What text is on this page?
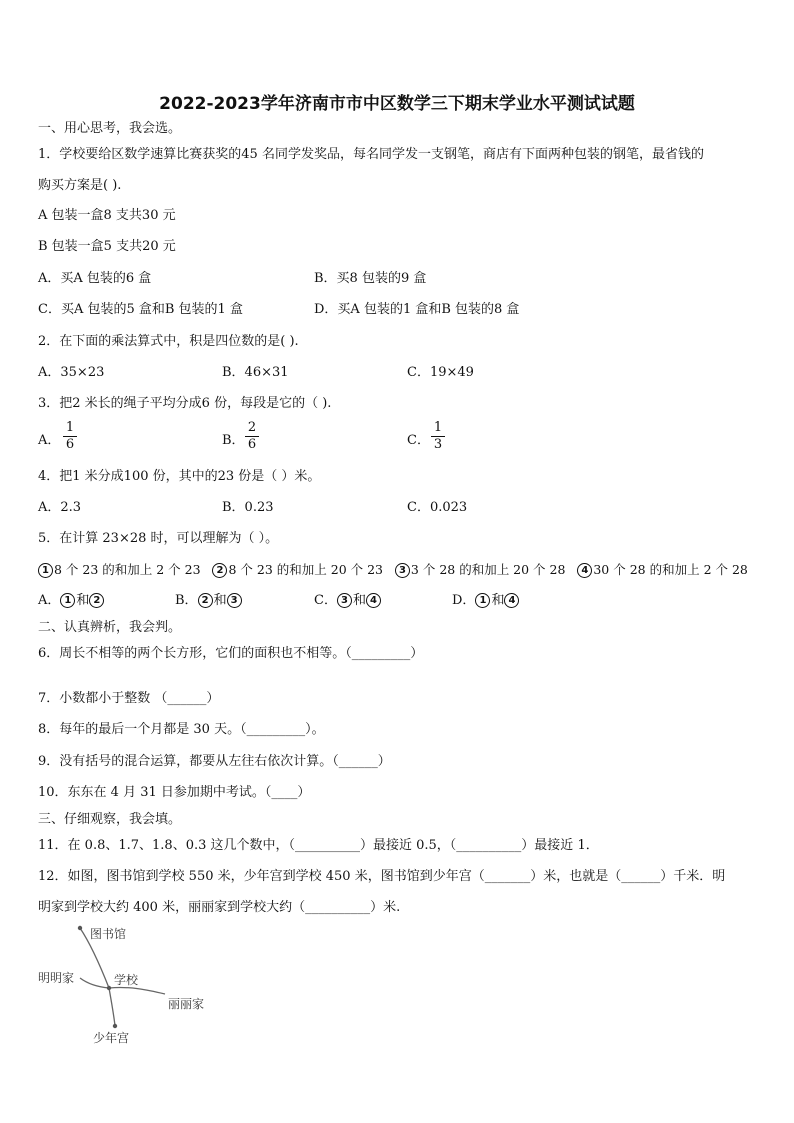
2022-2023学年济南市市中区数学三下期末学业水平测试试题
一、用心思考，我会选。
1．学校要给区数学速算比赛获奖的45 名同学发奖品，每名同学发一支钢笔，商店有下面两种包装的钢笔，最省钱的
购买方案是( ).
A 包装一盒8 支共30 元
B 包装一盒5 支共20 元
A．买A 包装的6 盒	B．买8 包装的9 盒
C．买A 包装的5 盒和B 包装的1 盒	D．买A 包装的1 盒和B 包装的8 盒
2．在下面的乘法算式中，积是四位数的是( ).
A．35×23	B．46×31	C．19×49
3．把2 米长的绳子平均分成6 份，每段是它的（ ).
A．
1
6	B．
2
6	C．
1
3
4．把1 米分成100 份，其中的23 份是（ ）米。
A．2.3	B．0.23	C．0.023
5．在计算 23×28 时，可以理解为（ ）。
1 8 个 23 的和加上 2 个 23 2 8 个 23 的和加上 20 个 23 3 3 个 28 的和加上 20 个 28 4 30 个 28 的和加上 2 个 28
A． 1 和 2	B． 2 和 3	C． 3 和 4	D． 1 和 4
二、认真辨析，我会判。
6．周长不相等的两个长方形，它们的面积也不相等。（_________）
7．小数都小于整数 （______）
8．每年的最后一个月都是 30 天。（_________）。
9．没有括号的混合运算，都要从左往右依次计算。（______）
10．东东在 4 月 31 日参加期中考试。（____）
三、仔细观察，我会填。
11．在 0.8、1.7、1.8、0.3 这几个数中，（__________）最接近 0.5，（__________）最接近 1．
12．如图，图书馆到学校 550 米，少年宫到学校 450 米，图书馆到少年宫（_______）米，也就是（______）千米．明
明家到学校大约 400 米，丽丽家到学校大约（__________）米.
图书馆
明明家	学校
丽丽家
少年宫
